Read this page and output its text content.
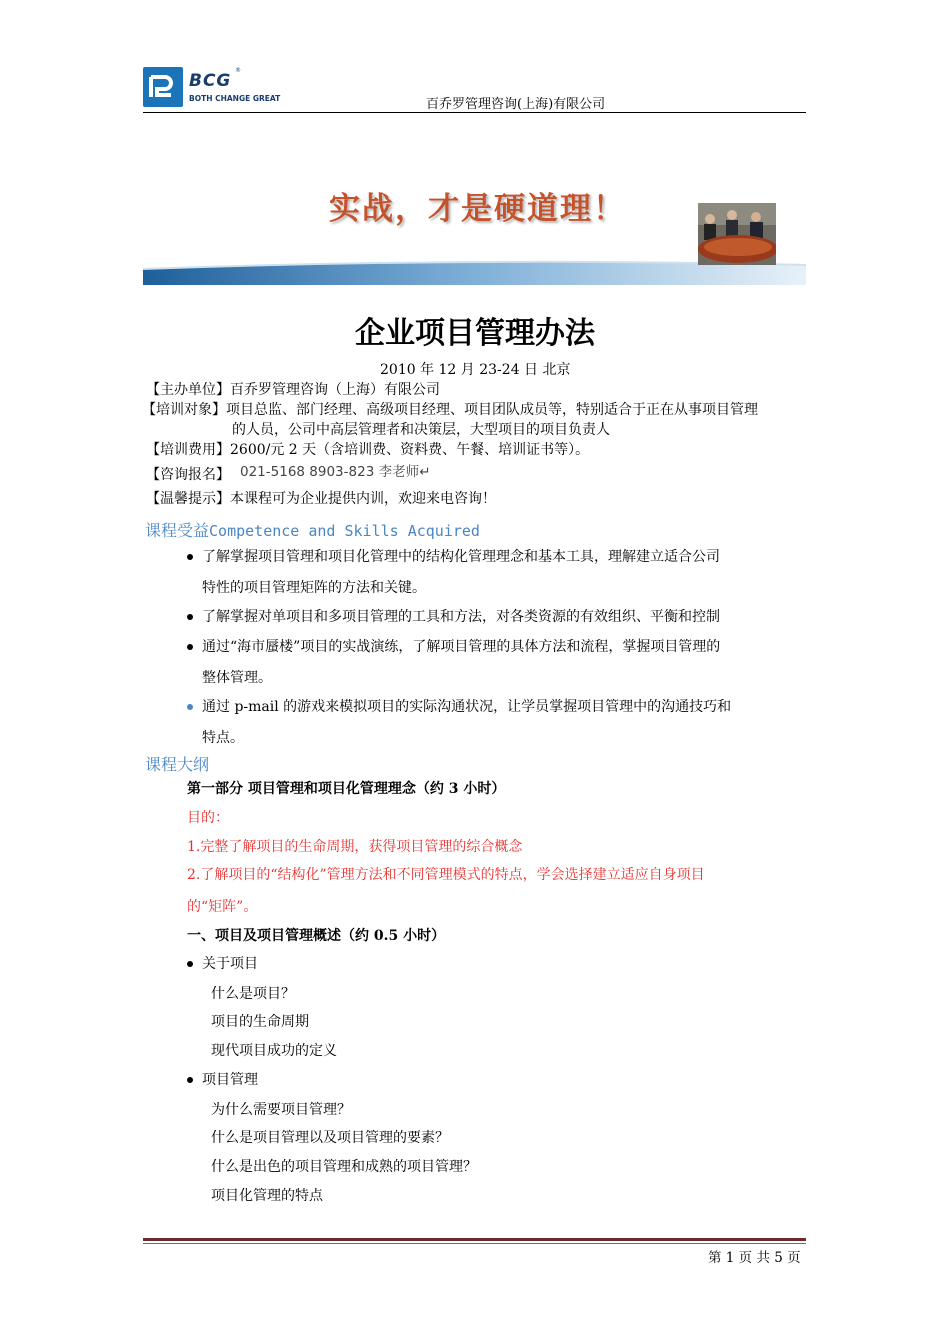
BCG
®
BOTH CHANGE GREAT	百乔罗管理咨询(上海)有限公司
实战，才是硬道理！
企业项目管理办法
2010 年 12 月 23-24 日 北京
【主办单位】百乔罗管理咨询（上海）有限公司
【培训对象】项目总监、部门经理、高级项目经理、项目团队成员等，特别适合于正在从事项目管理
的人员，公司中高层管理者和决策层，大型项目的项目负责人
【培训费用】2600/元 2 天（含培训费、资料费、午餐、培训证书等）。
【咨询报名】 021-5168 8903-823 李老师↵
【温馨提示】本课程可为企业提供内训，欢迎来电咨询！
课程受益Competence and Skills Acquired
了解掌握项目管理和项目化管理中的结构化管理理念和基本工具，理解建立适合公司
特性的项目管理矩阵的方法和关键。
了解掌握对单项目和多项目管理的工具和方法，对各类资源的有效组织、平衡和控制
通过“海市蜃楼”项目的实战演练，了解项目管理的具体方法和流程，掌握项目管理的
整体管理。
通过 p-mail 的游戏来模拟项目的实际沟通状况，让学员掌握项目管理中的沟通技巧和
特点。
课程大纲
第一部分 项目管理和项目化管理理念（约 3 小时）
目的：
1.完整了解项目的生命周期，获得项目管理的综合概念
2.了解项目的“结构化”管理方法和不同管理模式的特点，学会选择建立适应自身项目
的“矩阵”。
一、项目及项目管理概述（约 0.5 小时）
关于项目
什么是项目？
项目的生命周期
现代项目成功的定义
项目管理
为什么需要项目管理？
什么是项目管理以及项目管理的要素？
什么是出色的项目管理和成熟的项目管理？
项目化管理的特点
第 1 页 共 5 页
